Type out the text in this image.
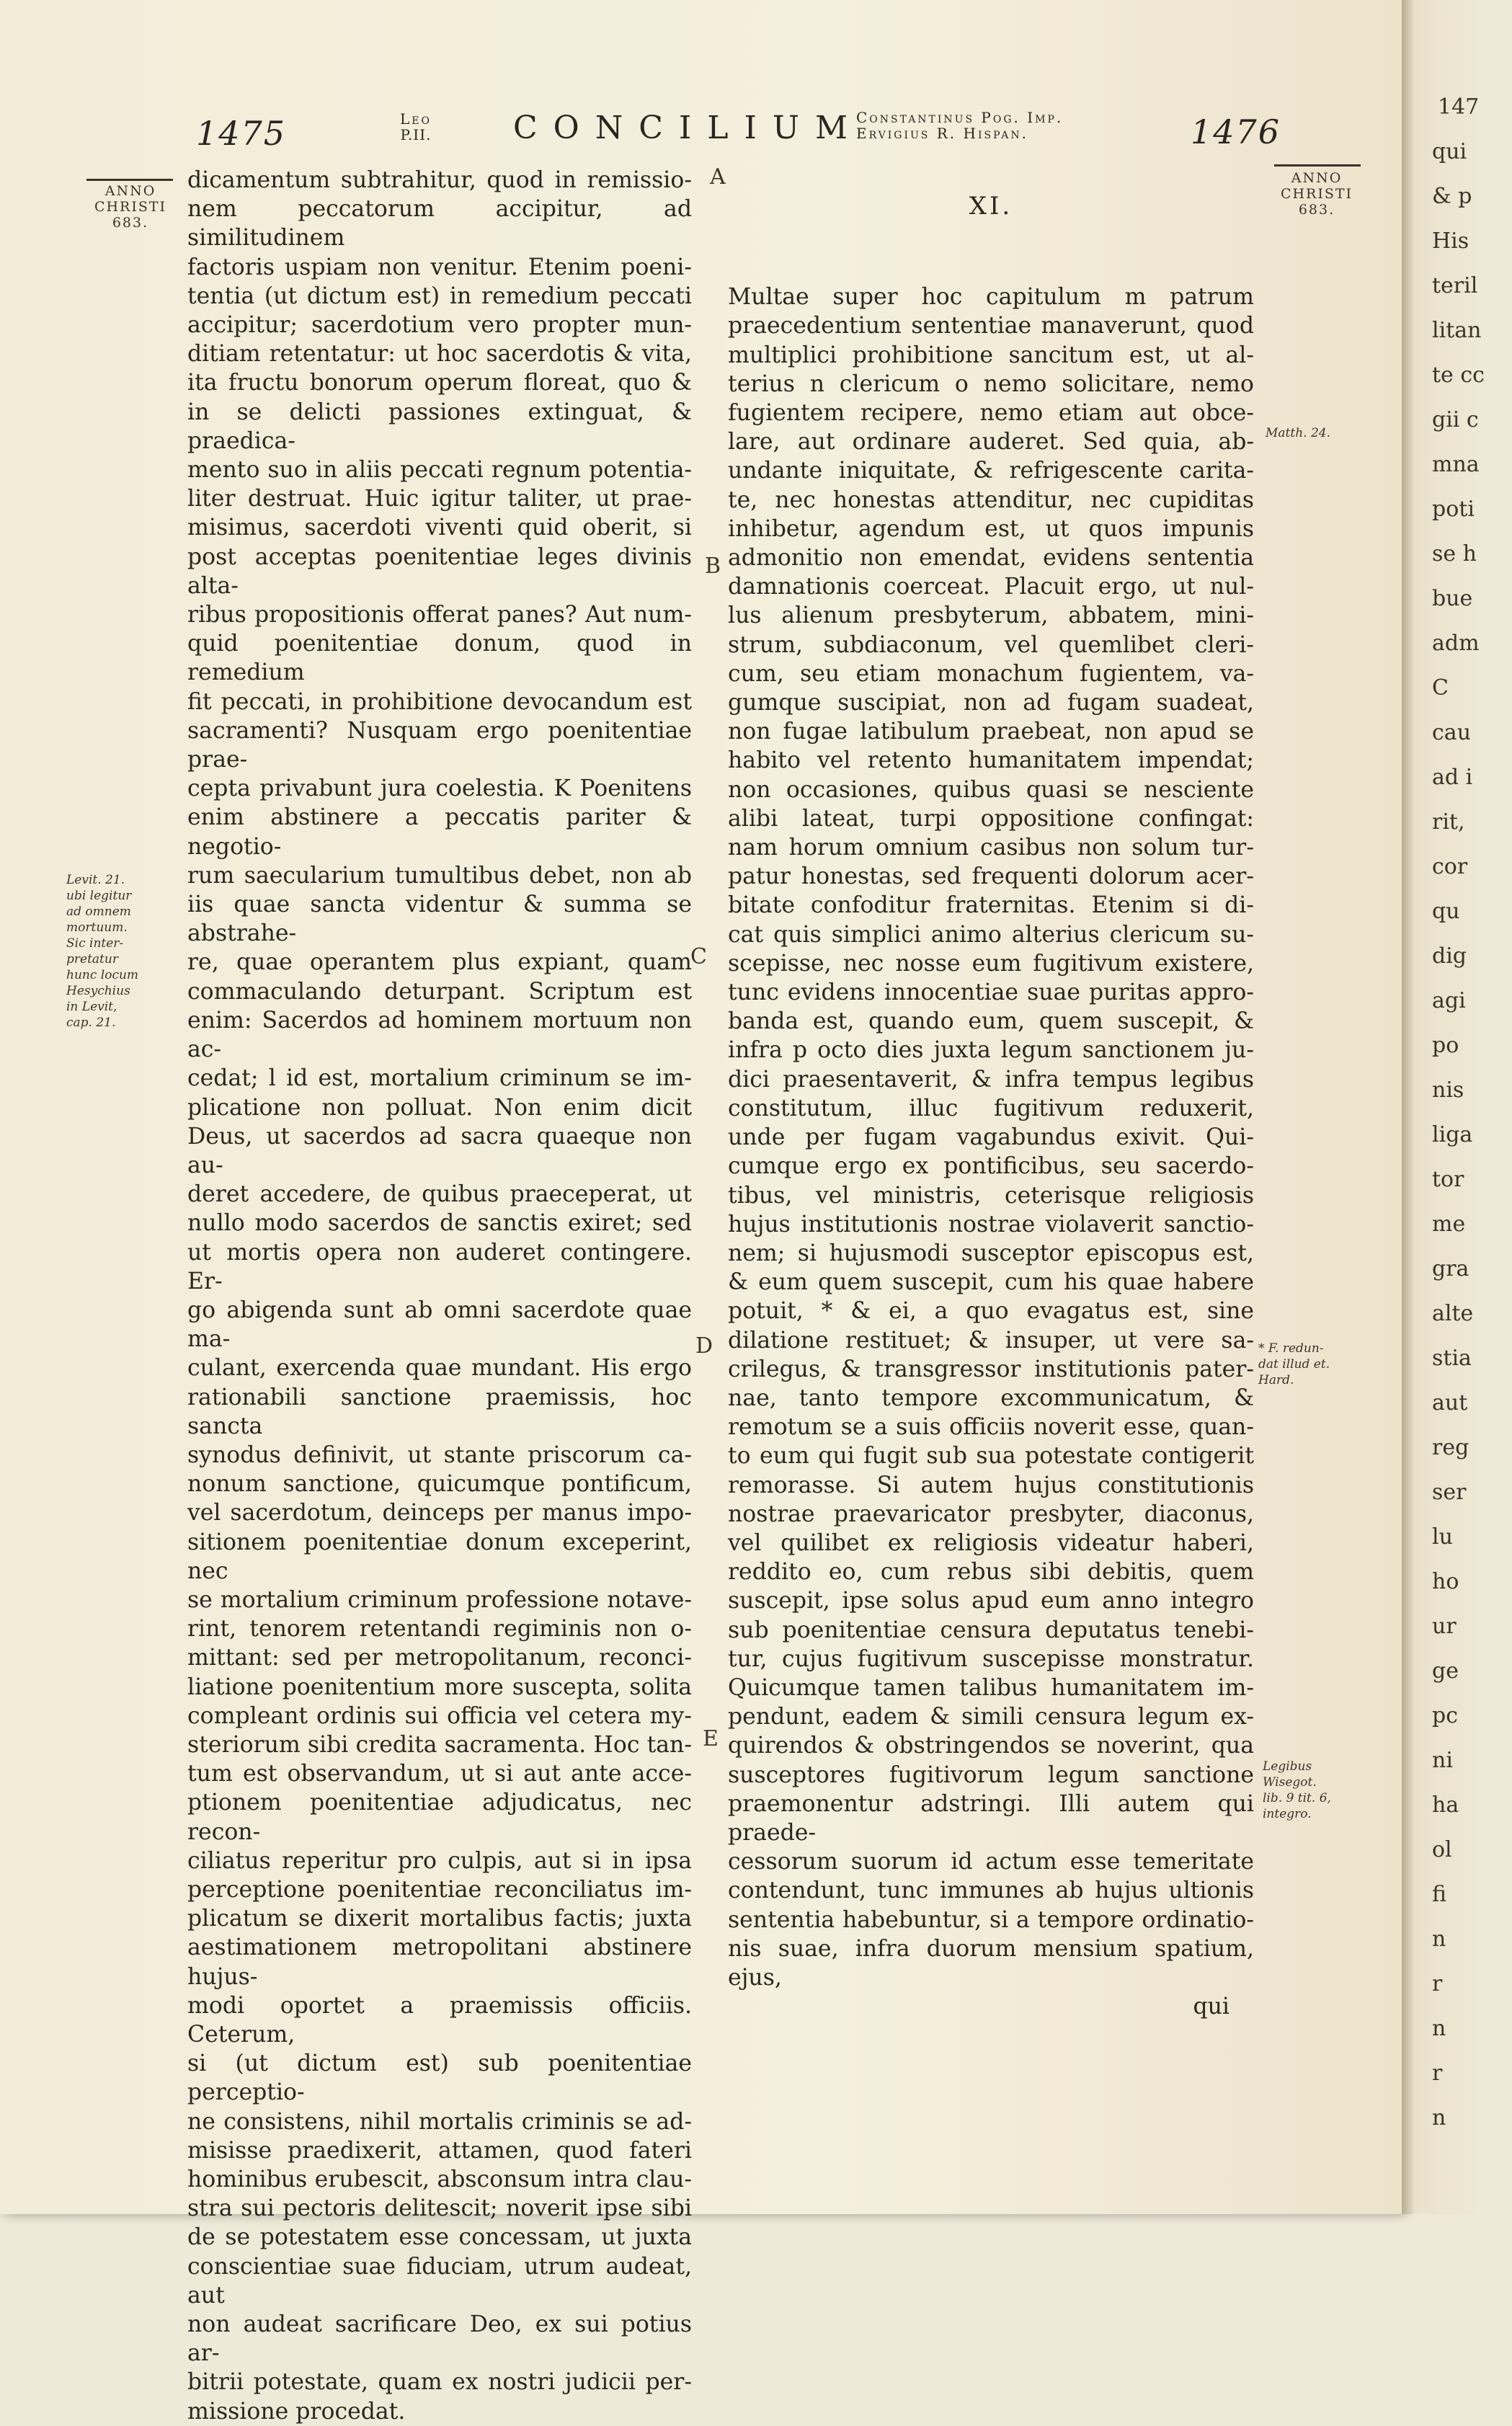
1475	Leo
P.II.	CONCILIUM
Constantinus Pog. Imp.
Ervigius R. Hispan.	1476
ANNO
CHRISTI
683.
ANNO
CHRISTI
683.
Levit. 21.
ubi legitur
ad omnem
mortuum.
Sic inter-
pretatur
hunc locum
Hesychius
in Levit,
cap. 21.
Matth. 24.
* F. redun-
dat illud et.
Hard.
Legibus
Wisegot.
lib. 9 tit. 6,
integro.
A
B
C
D
E

dicamentum subtrahitur, quod in remissio-

nem peccatorum accipitur, ad similitudinem

factoris uspiam non venitur. Etenim poeni-

tentia (ut dictum est) in remedium peccati

accipitur; sacerdotium vero propter mun-

ditiam retentatur: ut hoc sacerdotis & vita,

ita fructu bonorum operum floreat, quo &

in se delicti passiones extinguat, & praedica-

mento suo in aliis peccati regnum potentia-

liter destruat. Huic igitur taliter, ut prae-

misimus, sacerdoti viventi quid oberit, si

post acceptas poenitentiae leges divinis alta-

ribus propositionis offerat panes? Aut num-

quid poenitentiae donum, quod in remedium

fit peccati, in prohibitione devocandum est

sacramenti? Nusquam ergo poenitentiae prae-

cepta privabunt jura coelestia. K Poenitens

enim abstinere a peccatis pariter & negotio-

rum saecularium tumultibus debet, non ab

iis quae sancta videntur & summa se abstrahe-

re, quae operantem plus expiant, quam

commaculando deturpant. Scriptum est

enim: Sacerdos ad hominem mortuum non ac-

cedat; l id est, mortalium criminum se im-

plicatione non polluat. Non enim dicit

Deus, ut sacerdos ad sacra quaeque non au-

deret accedere, de quibus praeceperat, ut

nullo modo sacerdos de sanctis exiret; sed

ut mortis opera non auderet contingere. Er-

go abigenda sunt ab omni sacerdote quae ma-

culant, exercenda quae mundant. His ergo

rationabili sanctione praemissis, hoc sancta

synodus definivit, ut stante priscorum ca-

nonum sanctione, quicumque pontificum,

vel sacerdotum, deinceps per manus impo-

sitionem poenitentiae donum exceperint, nec

se mortalium criminum professione notave-

rint, tenorem retentandi regiminis non o-

mittant: sed per metropolitanum, reconci-

liatione poenitentium more suscepta, solita

compleant ordinis sui officia vel cetera my-

steriorum sibi credita sacramenta. Hoc tan-

tum est observandum, ut si aut ante acce-

ptionem poenitentiae adjudicatus, nec recon-

ciliatus reperitur pro culpis, aut si in ipsa

perceptione poenitentiae reconciliatus im-

plicatum se dixerit mortalibus factis; juxta

aestimationem metropolitani abstinere hujus-

modi oportet a praemissis officiis. Ceterum,

si (ut dictum est) sub poenitentiae perceptio-

ne consistens, nihil mortalis criminis se ad-

misisse praedixerit, attamen, quod fateri

hominibus erubescit, absconsum intra clau-

stra sui pectoris delitescit; noverit ipse sibi

de se potestatem esse concessam, ut juxta

conscientiae suae fiduciam, utrum audeat, aut

non audeat sacrificare Deo, ex sui potius ar-

bitrii potestate, quam ex nostri judicii per-

missione procedat.

XI.

Multae super hoc capitulum m patrum

praecedentium sententiae manaverunt, quod

multiplici prohibitione sancitum est, ut al-

terius n clericum o nemo solicitare, nemo

fugientem recipere, nemo etiam aut obce-

lare, aut ordinare auderet. Sed quia, ab-

undante iniquitate, & refrigescente carita-

te, nec honestas attenditur, nec cupiditas

inhibetur, agendum est, ut quos impunis

admonitio non emendat, evidens sententia

damnationis coerceat. Placuit ergo, ut nul-

lus alienum presbyterum, abbatem, mini-

strum, subdiaconum, vel quemlibet cleri-

cum, seu etiam monachum fugientem, va-

gumque suscipiat, non ad fugam suadeat,

non fugae latibulum praebeat, non apud se

habito vel retento humanitatem impendat;

non occasiones, quibus quasi se nesciente

alibi lateat, turpi oppositione confingat:

nam horum omnium casibus non solum tur-

patur honestas, sed frequenti dolorum acer-

bitate confoditur fraternitas. Etenim si di-

cat quis simplici animo alterius clericum su-

scepisse, nec nosse eum fugitivum existere,

tunc evidens innocentiae suae puritas appro-

banda est, quando eum, quem suscepit, &

infra p octo dies juxta legum sanctionem ju-

dici praesentaverit, & infra tempus legibus

constitutum, illuc fugitivum reduxerit,

unde per fugam vagabundus exivit. Qui-

cumque ergo ex pontificibus, seu sacerdo-

tibus, vel ministris, ceterisque religiosis

hujus institutionis nostrae violaverit sanctio-

nem; si hujusmodi susceptor episcopus est,

& eum quem suscepit, cum his quae habere

potuit, * & ei, a quo evagatus est, sine

dilatione restituet; & insuper, ut vere sa-

crilegus, & transgressor institutionis pater-

nae, tanto tempore excommunicatum, &

remotum se a suis officiis noverit esse, quan-

to eum qui fugit sub sua potestate contigerit

remorasse. Si autem hujus constitutionis

nostrae praevaricator presbyter, diaconus,

vel quilibet ex religiosis videatur haberi,

reddito eo, cum rebus sibi debitis, quem

suscepit, ipse solus apud eum anno integro

sub poenitentiae censura deputatus tenebi-

tur, cujus fugitivum suscepisse monstratur.

Quicumque tamen talibus humanitatem im-

pendunt, eadem & simili censura legum ex-

quirendos & obstringendos se noverint, qua

susceptores fugitivorum legum sanctione

praemonentur adstringi. Illi autem qui praede-

cessorum suorum id actum esse temeritate

contendunt, tunc immunes ab hujus ultionis

sententia habebuntur, si a tempore ordinatio-

nis suae, infra duorum mensium spatium, ejus,

qui
147
qui
& p
His
teril
litan
te cc
gii c
mna
poti
se h
bue
adm
C
cau
ad i
rit,
cor
qu
dig
agi
po
nis
liga
tor
me
gra
alte
stia
aut
reg
ser
lu
ho
ur
ge
pc
ni
ha
ol
fi
n
r
n
r
n
